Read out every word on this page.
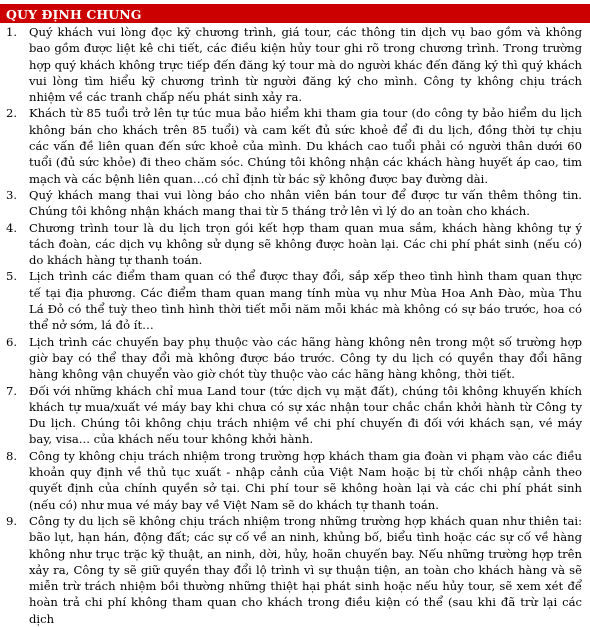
QUY ĐỊNH CHUNG
1.	Quý khách vui lòng đọc kỹ chương trình, giá tour, các thông tin dịch vụ bao gồm và không bao gồm được liệt kê chi tiết, các điều kiện hủy tour ghi rõ trong chương trình. Trong trường hợp quý khách không trực tiếp đến đăng ký tour mà do người khác đến đăng ký thì quý khách vui lòng tìm hiểu kỹ chương trình từ người đăng ký cho mình. Công ty không chịu trách nhiệm về các tranh chấp nếu phát sinh xảy ra.
2.	Khách từ 85 tuổi trở lên tự túc mua bảo hiểm khi tham gia tour (do công ty bảo hiểm du lịch không bán cho khách trên 85 tuổi) và cam kết đủ sức khoẻ để đi du lịch, đồng thời tự chịu các vấn đề liên quan đến sức khoẻ của mình. Du khách cao tuổi phải có người thân dưới 60 tuổi (đủ sức khỏe) đi theo chăm sóc. Chúng tôi không nhận các khách hàng huyết áp cao, tim mạch và các bệnh liên quan…có chỉ định từ bác sỹ không được bay đường dài.
3.	Quý khách mang thai vui lòng báo cho nhân viên bán tour để được tư vấn thêm thông tin. Chúng tôi không nhận khách mang thai từ 5 tháng trở lên vì lý do an toàn cho khách.
4.	Chương trình tour là du lịch trọn gói kết hợp tham quan mua sắm, khách hàng không tự ý tách đoàn, các dịch vụ không sử dụng sẽ không được hoàn lại. Các chi phí phát sinh (nếu có) do khách hàng tự thanh toán.
5.	Lịch trình các điểm tham quan có thể được thay đổi, sắp xếp theo tình hình tham quan thực tế tại địa phương. Các điểm tham quan mang tính mùa vụ như Mùa Hoa Anh Đào, mùa Thu Lá Đỏ có thể tuỳ theo tình hình thời tiết mỗi năm mỗi khác mà không có sự báo trước, hoa có thể nở sớm, lá đỏ ít…
6.	Lịch trình các chuyến bay phụ thuộc vào các hãng hàng không nên trong một số trường hợp giờ bay có thể thay đổi mà không được báo trước. Công ty du lịch có quyền thay đổi hãng hàng không vận chuyển vào giờ chót tùy thuộc vào các hãng hàng không, thời tiết.
7.	Đối với những khách chỉ mua Land tour (tức dịch vụ mặt đất), chúng tôi không khuyến khích khách tự mua/xuất vé máy bay khi chưa có sự xác nhận tour chắc chắn khởi hành từ Công ty Du lịch. Chúng tôi không chịu trách nhiệm về chi phí chuyến đi đối với khách sạn, vé máy bay, visa... của khách nếu tour không khởi hành.
8.	Công ty không chịu trách nhiệm trong trường hợp khách tham gia đoàn vi phạm vào các điều khoản quy định về thủ tục xuất - nhập cảnh của Việt Nam hoặc bị từ chối nhập cảnh theo quyết định của chính quyền sở tại. Chi phí tour sẽ không hoàn lại và các chi phí phát sinh (nếu có) như mua vé máy bay về Việt Nam sẽ do khách tự thanh toán.
9.	Công ty du lịch sẽ không chịu trách nhiệm trong những trường hợp khách quan như thiên tai: bão lụt, hạn hán, động đất; các sự cố về an ninh, khủng bố, biểu tình hoặc các sự cố về hàng không như trục trặc kỹ thuật, an ninh, dời, hủy, hoãn chuyến bay. Nếu những trường hợp trên xảy ra, Công ty sẽ giữ quyền thay đổi lộ trình vì sự thuận tiện, an toàn cho khách hàng và sẽ miễn trừ trách nhiệm bồi thường những thiệt hại phát sinh hoặc nếu hủy tour, sẽ xem xét để hoàn trả chi phí không tham quan cho khách trong điều kiện có thể (sau khi đã trừ lại các dịch
